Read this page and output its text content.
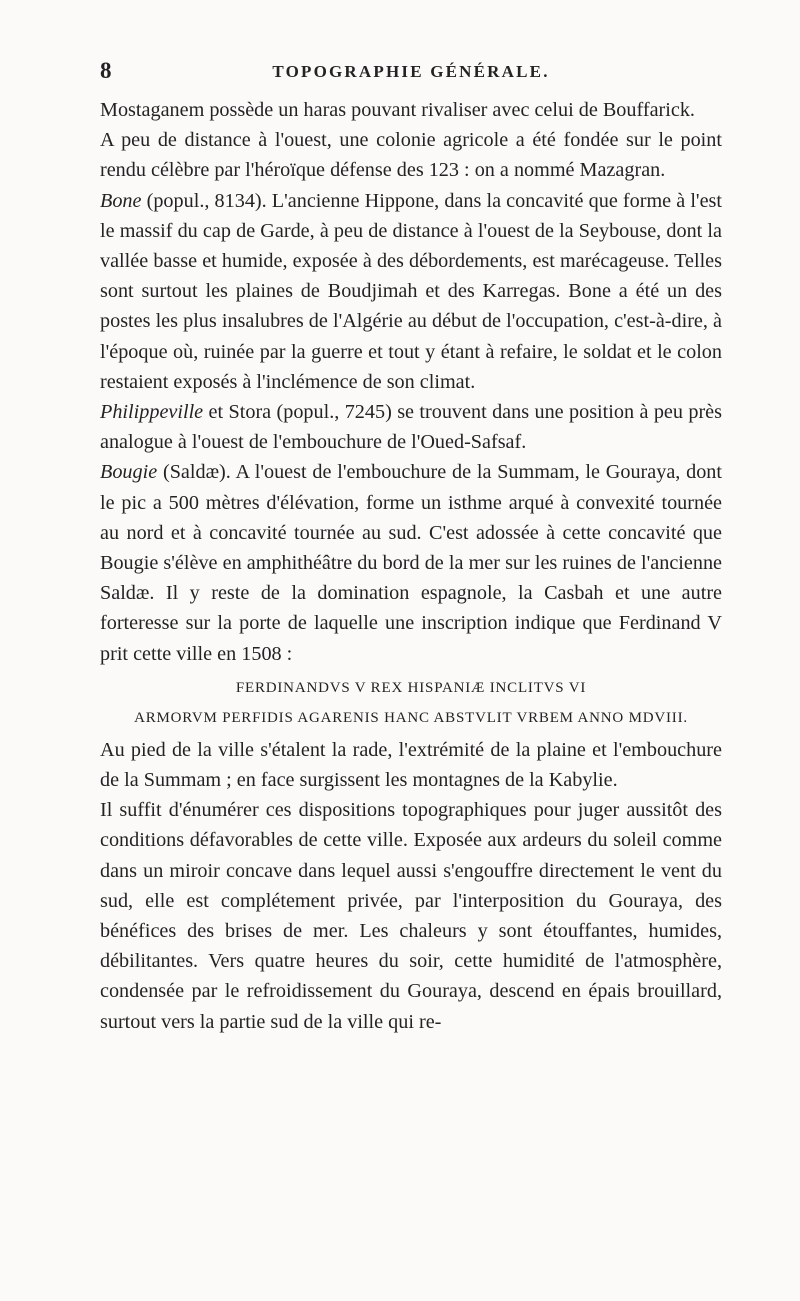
8	TOPOGRAPHIE GÉNÉRALE.

Mostaganem possède un haras pouvant rivaliser avec celui de Bouffarick.

A peu de distance à l'ouest, une colonie agricole a été fondée sur le point rendu célèbre par l'héroïque défense des 123 : on a nommé Mazagran.

Bone (popul., 8134). L'ancienne Hippone, dans la concavité que forme à l'est le massif du cap de Garde, à peu de distance à l'ouest de la Seybouse, dont la vallée basse et humide, exposée à des débordements, est marécageuse. Telles sont surtout les plaines de Boudjimah et des Karregas. Bone a été un des postes les plus insalubres de l'Algérie au début de l'occupation, c'est-à-dire, à l'époque où, ruinée par la guerre et tout y étant à refaire, le soldat et le colon restaient exposés à l'inclémence de son climat.

Philippeville et Stora (popul., 7245) se trouvent dans une position à peu près analogue à l'ouest de l'embouchure de l'Oued-Safsaf.

Bougie (Saldæ). A l'ouest de l'embouchure de la Summam, le Gouraya, dont le pic a 500 mètres d'élévation, forme un isthme arqué à convexité tournée au nord et à concavité tournée au sud. C'est adossée à cette concavité que Bougie s'élève en amphithéâtre du bord de la mer sur les ruines de l'ancienne Saldæ. Il y reste de la domination espagnole, la Casbah et une autre forteresse sur la porte de laquelle une inscription indique que Ferdinand V prit cette ville en 1508 :

FERDINANDVS V REX HISPANIÆ INCLITVS VI
ARMORVM PERFIDIS AGARENIS HANC ABSTVLIT VRBEM ANNO MDVIII.

Au pied de la ville s'étalent la rade, l'extrémité de la plaine et l'embouchure de la Summam ; en face surgissent les montagnes de la Kabylie.

Il suffit d'énumérer ces dispositions topographiques pour juger aussitôt des conditions défavorables de cette ville. Exposée aux ardeurs du soleil comme dans un miroir concave dans lequel aussi s'engouffre directement le vent du sud, elle est complétement privée, par l'interposition du Gouraya, des bénéfices des brises de mer. Les chaleurs y sont étouffantes, humides, débilitantes. Vers quatre heures du soir, cette humidité de l'atmosphère, condensée par le refroidissement du Gouraya, descend en épais brouillard, surtout vers la partie sud de la ville qui re-
